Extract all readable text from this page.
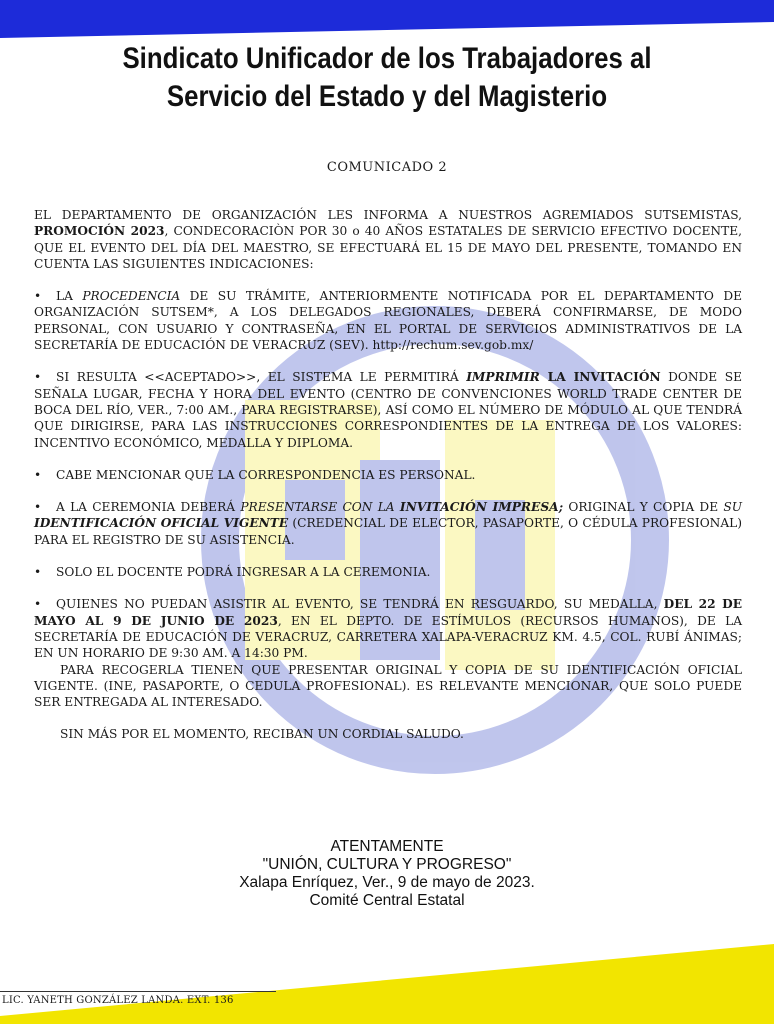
Sindicato Unificador de los Trabajadores al
Servicio del Estado y del Magisterio
COMUNICADO 2

EL DEPARTAMENTO DE ORGANIZACIÓN LES INFORMA A NUESTROS AGREMIADOS SUTSEMISTAS, PROMOCIÓN 2023, CONDECORACIÒN POR 30 o 40 AÑOS ESTATALES DE SERVICIO EFECTIVO DOCENTE, QUE EL EVENTO DEL DÍA DEL MAESTRO, SE EFECTUARÁ EL 15 DE MAYO DEL PRESENTE, TOMANDO EN CUENTA LAS SIGUIENTES INDICACIONES:

• LA PROCEDENCIA DE SU TRÁMITE, ANTERIORMENTE NOTIFICADA POR EL DEPARTAMENTO DE ORGANIZACIÓN SUTSEM*, A LOS DELEGADOS REGIONALES, DEBERÁ CONFIRMARSE, DE MODO PERSONAL, CON USUARIO Y CONTRASEÑA, EN EL PORTAL DE SERVICIOS ADMINISTRATIVOS DE LA SECRETARÍA DE EDUCACIÓN DE VERACRUZ (SEV). http://rechum.sev.gob.mx/

• SI RESULTA <<ACEPTADO>>, EL SISTEMA LE PERMITIRÁ IMPRIMIR LA INVITACIÓN DONDE SE SEÑALA LUGAR, FECHA Y HORA DEL EVENTO (CENTRO DE CONVENCIONES WORLD TRADE CENTER DE BOCA DEL RÍO, VER., 7:00 AM., PARA REGISTRARSE), ASÍ COMO EL NÚMERO DE MÓDULO AL QUE TENDRÁ QUE DIRIGIRSE, PARA LAS INSTRUCCIONES CORRESPONDIENTES DE LA ENTREGA DE LOS VALORES: INCENTIVO ECONÓMICO, MEDALLA Y DIPLOMA.

• CABE MENCIONAR QUE LA CORRESPONDENCIA ES PERSONAL.

• A LA CEREMONIA DEBERÁ PRESENTARSE CON LA INVITACIÓN IMPRESA; ORIGINAL Y COPIA DE SU IDENTIFICACIÓN OFICIAL VIGENTE (CREDENCIAL DE ELECTOR, PASAPORTE, O CÉDULA PROFESIONAL) PARA EL REGISTRO DE SU ASISTENCIA.

• SOLO EL DOCENTE PODRÁ INGRESAR A LA CEREMONIA.

• QUIENES NO PUEDAN ASISTIR AL EVENTO, SE TENDRÁ EN RESGUARDO, SU MEDALLA, DEL 22 DE MAYO AL 9 DE JUNIO DE 2023, EN EL DEPTO. DE ESTÍMULOS (RECURSOS HUMANOS), DE LA SECRETARÍA DE EDUCACIÓN DE VERACRUZ, CARRETERA XALAPA-VERACRUZ KM. 4.5, COL. RUBÍ ÁNIMAS; EN UN HORARIO DE 9:30 AM. A 14:30 PM.

PARA RECOGERLA TIENEN QUE PRESENTAR ORIGINAL Y COPIA DE SU IDENTIFICACIÓN OFICIAL VIGENTE. (INE, PASAPORTE, O CEDULA PROFESIONAL). ES RELEVANTE MENCIONAR, QUE SOLO PUEDE SER ENTREGADA AL INTERESADO.

SIN MÁS POR EL MOMENTO, RECIBAN UN CORDIAL SALUDO.

ATENTAMENTE
"UNIÓN, CULTURA Y PROGRESO"
Xalapa Enríquez, Ver., 9 de mayo de 2023.
Comité Central Estatal
LIC. YANETH GONZÁLEZ LANDA. EXT. 136
